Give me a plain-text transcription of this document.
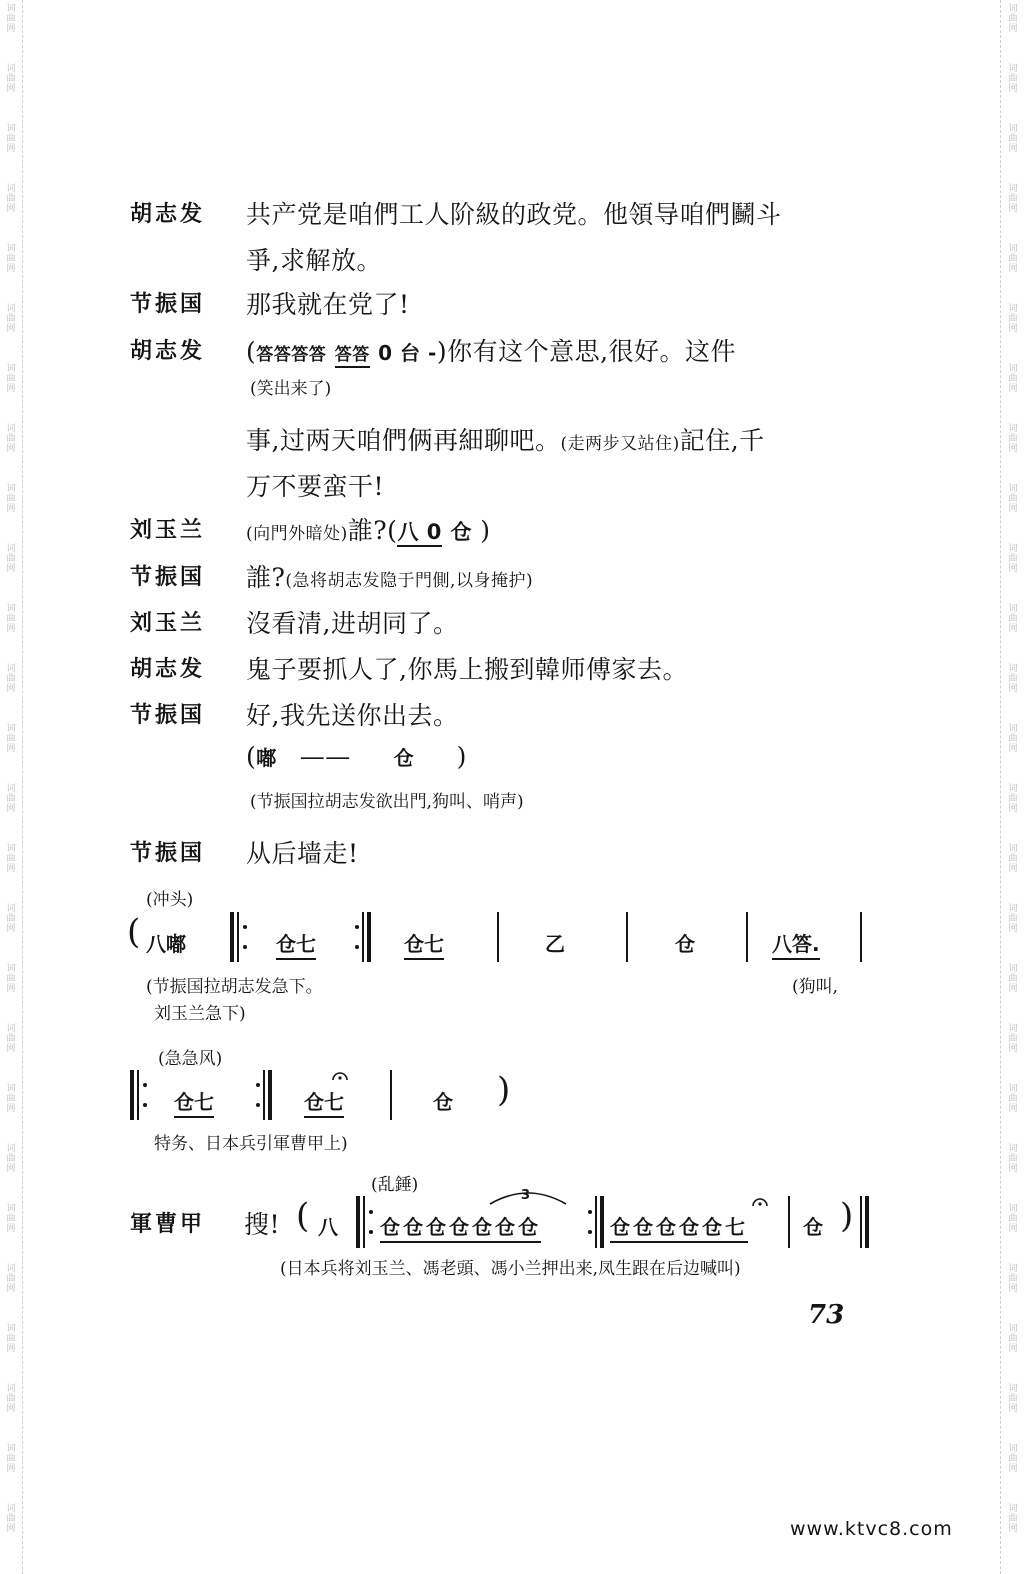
词
曲
网
词
曲
网
词
曲
网
词
曲
网
词
曲
网
词
曲
网
词
曲
网
词
曲
网
词
曲
网
词
曲
网
词
曲
网
词
曲
网
词
曲
网
词
曲
网
词
曲
网
词
曲
网
词
曲
网
词
曲
网
词
曲
网
词
曲
网
词
曲
网
词
曲
网
词
曲
网
词
曲
网
词
曲
网
词
曲
网
词
曲
网
词
曲
网
词
曲
网
词
曲
网
词
曲
网
词
曲
网
词
曲
网
词
曲
网
词
曲
网
词
曲
网
词
曲
网
词
曲
网
词
曲
网
词
曲
网
词
曲
网
词
曲
网
词
曲
网
词
曲
网
词
曲
网
词
曲
网
词
曲
网
词
曲
网
词
曲
网
词
曲
网
词
曲
网
词
曲
网
胡志发 共产党是咱們工人阶級的政党。他領导咱們鬭斗
爭,求解放。
节振国 那我就在党了!
胡志发 (答答答答 答答 0 台 -)你有这个意思,很好。这件
(笑出来了)
事,过两天咱們俩再細聊吧。(走两步又站住)記住,千
万不要蛮干!
刘玉兰 (向門外暗处)誰?(八 0 仓 )
节振国 誰?(急将胡志发隐于門側,以身掩护)
刘玉兰 沒看清,进胡同了。
胡志发 鬼子要抓人了,你馬上搬到韓师傅家去。
节振国 好,我先送你出去。
(嘟 —— 仓 )
(节振国拉胡志发欲出門,狗叫、哨声)
节振国 从后墙走!
(冲头)
( 八嘟	仓七	仓七	乙	仓	八答.
(节振国拉胡志发急下。
刘玉兰急下)
(狗叫,
(急急风)
仓七	仓七	仓 )
特务、日本兵引軍曹甲上)
(乱錘)
軍曹甲 搜! ( 八
3
仓仓仓仓仓仓仓	仓仓仓仓仓七	仓 )
(日本兵将刘玉兰、馮老頭、馮小兰押出来,凤生跟在后边喊叫)
73
www.ktvc8.com
